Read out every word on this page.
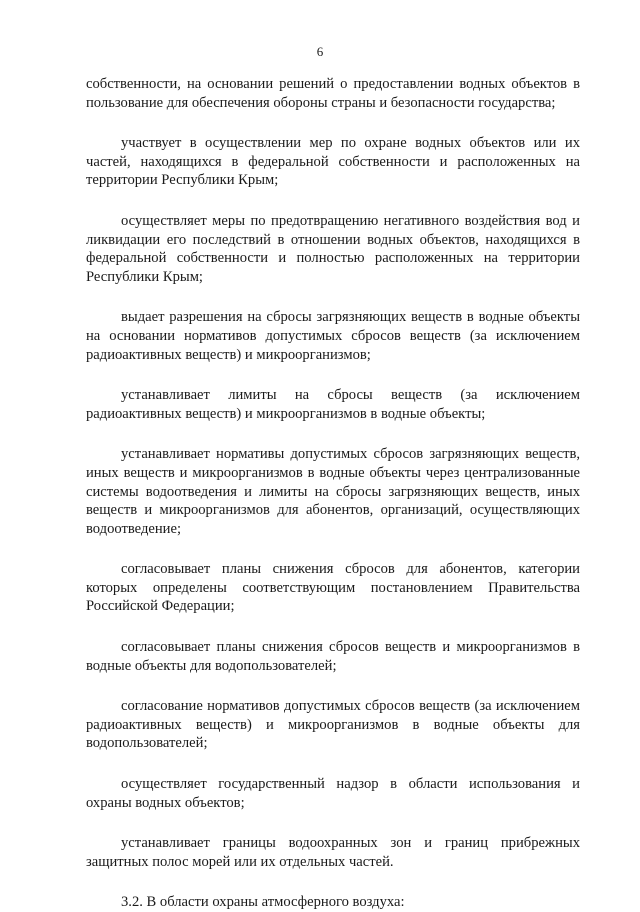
6

собственности, на основании решений о предоставлении водных объектов в пользование для обеспечения обороны страны и безопасности государства;

участвует в осуществлении мер по охране водных объектов или их частей, находящихся в федеральной собственности и расположенных на территории Республики Крым;

осуществляет меры по предотвращению негативного воздействия вод и ликвидации его последствий в отношении водных объектов, находящихся в федеральной собственности и полностью расположенных на территории Республики Крым;

выдает разрешения на сбросы загрязняющих веществ в водные объекты на основании нормативов допустимых сбросов веществ (за исключением радиоактивных веществ) и микроорганизмов;

устанавливает лимиты на сбросы веществ (за исключением радиоактивных веществ) и микроорганизмов в водные объекты;

устанавливает нормативы допустимых сбросов загрязняющих веществ, иных веществ и микроорганизмов в водные объекты через централизованные системы водоотведения и лимиты на сбросы загрязняющих веществ, иных веществ и микроорганизмов для абонентов, организаций, осуществляющих водоотведение;

согласовывает планы снижения сбросов для абонентов, категории которых определены соответствующим постановлением Правительства Российской Федерации;

согласовывает планы снижения сбросов веществ и микроорганизмов в водные объекты для водопользователей;

согласование нормативов допустимых сбросов веществ (за исключением радиоактивных веществ) и микроорганизмов в водные объекты для водопользователей;

осуществляет государственный надзор в области использования и охраны водных объектов;

устанавливает границы водоохранных зон и границ прибрежных защитных полос морей или их отдельных частей.

3.2. В области охраны атмосферного воздуха:
